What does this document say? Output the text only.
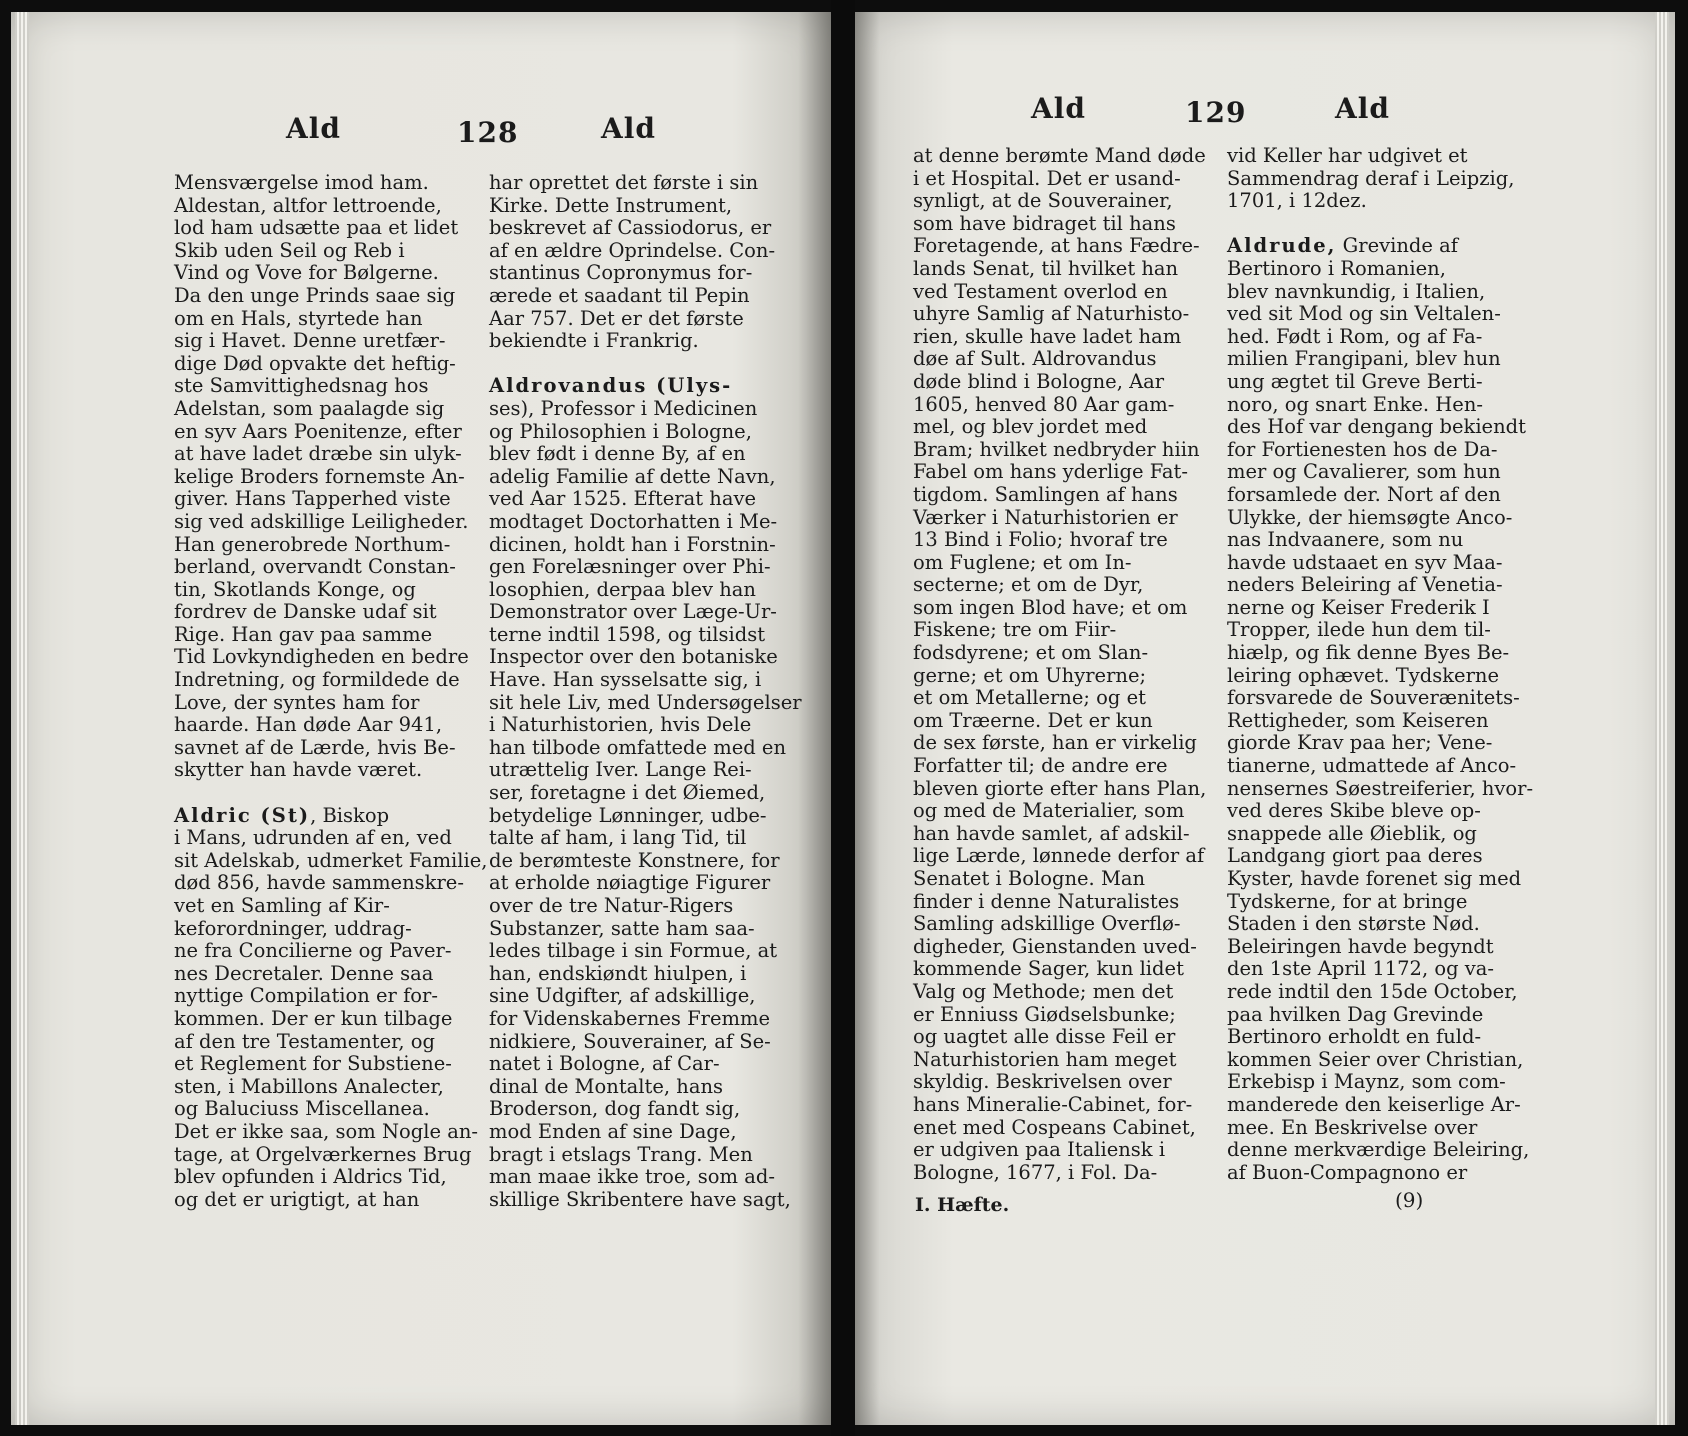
Ald	128	Ald
Mensværgelse imod ham.
Aldestan, altfor lettroende,
lod ham udsætte paa et lidet
Skib uden Seil og Reb i
Vind og Vove for Bølgerne.
Da den unge Prinds saae sig
om en Hals, styrtede han
sig i Havet. Denne uretfær-
dige Død opvakte det heftig-
ste Samvittighedsnag hos
Adelstan, som paalagde sig
en syv Aars Poenitenze, efter
at have ladet dræbe sin ulyk-
kelige Broders fornemste An-
giver. Hans Tapperhed viste
sig ved adskillige Leiligheder.
Han generobrede Northum-
berland, overvandt Constan-
tin, Skotlands Konge, og
fordrev de Danske udaf sit
Rige. Han gav paa samme
Tid Lovkyndigheden en bedre
Indretning, og formildede de
Love, der syntes ham for
haarde. Han døde Aar 941,
savnet af de Lærde, hvis Be-
skytter han havde været.
Aldric (St), Biskop
i Mans, udrunden af en, ved
sit Adelskab, udmerket Familie,
død 856, havde sammenskre-
vet en Samling af Kir-
keforordninger, uddrag-
ne fra Concilierne og Paver-
nes Decretaler. Denne saa
nyttige Compilation er for-
kommen. Der er kun tilbage
af den tre Testamenter, og
et Reglement for Substiene-
sten, i Mabillons Analecter,
og Baluciuss Miscellanea.
Det er ikke saa, som Nogle an-
tage, at Orgelværkernes Brug
blev opfunden i Aldrics Tid,
og det er urigtigt, at han
har oprettet det første i sin
Kirke. Dette Instrument,
beskrevet af Cassiodorus, er
af en ældre Oprindelse. Con-
stantinus Copronymus for-
ærede et saadant til Pepin
Aar 757. Det er det første
bekiendte i Frankrig.
Aldrovandus (Ulys-
ses), Professor i Medicinen
og Philosophien i Bologne,
blev født i denne By, af en
adelig Familie af dette Navn,
ved Aar 1525. Efterat have
modtaget Doctorhatten i Me-
dicinen, holdt han i Forstnin-
gen Forelæsninger over Phi-
losophien, derpaa blev han
Demonstrator over Læge-Ur-
terne indtil 1598, og tilsidst
Inspector over den botaniske
Have. Han sysselsatte sig, i
sit hele Liv, med Undersøgelser
i Naturhistorien, hvis Dele
han tilbode omfattede med en
utrættelig Iver. Lange Rei-
ser, foretagne i det Øiemed,
betydelige Lønninger, udbe-
talte af ham, i lang Tid, til
de berømteste Konstnere, for
at erholde nøiagtige Figurer
over de tre Natur-Rigers
Substanzer, satte ham saa-
ledes tilbage i sin Formue, at
han, endskiøndt hiulpen, i
sine Udgifter, af adskillige,
for Videnskabernes Fremme
nidkiere, Souverainer, af Se-
natet i Bologne, af Car-
dinal de Montalte, hans
Broderson, dog fandt sig,
mod Enden af sine Dage,
bragt i etslags Trang. Men
man maae ikke troe, som ad-
skillige Skribentere have sagt,
Ald	129	Ald
at denne berømte Mand døde
i et Hospital. Det er usand-
synligt, at de Souverainer,
som have bidraget til hans
Foretagende, at hans Fædre-
lands Senat, til hvilket han
ved Testament overlod en
uhyre Samlig af Naturhisto-
rien, skulle have ladet ham
døe af Sult. Aldrovandus
døde blind i Bologne, Aar
1605, henved 80 Aar gam-
mel, og blev jordet med
Bram; hvilket nedbryder hiin
Fabel om hans yderlige Fat-
tigdom. Samlingen af hans
Værker i Naturhistorien er
13 Bind i Folio; hvoraf tre
om Fuglene; et om In-
secterne; et om de Dyr,
som ingen Blod have; et om
Fiskene; tre om Fiir-
fodsdyrene; et om Slan-
gerne; et om Uhyrerne;
et om Metallerne; og et
om Træerne. Det er kun
de sex første, han er virkelig
Forfatter til; de andre ere
bleven giorte efter hans Plan,
og med de Materialier, som
han havde samlet, af adskil-
lige Lærde, lønnede derfor af
Senatet i Bologne. Man
finder i denne Naturalistes
Samling adskillige Overflø-
digheder, Gienstanden uved-
kommende Sager, kun lidet
Valg og Methode; men det
er Enniuss Giødselsbunke;
og uagtet alle disse Feil er
Naturhistorien ham meget
skyldig. Beskrivelsen over
hans Mineralie-Cabinet, for-
enet med Cospeans Cabinet,
er udgiven paa Italiensk i
Bologne, 1677, i Fol. Da-
vid Keller har udgivet et
Sammendrag deraf i Leipzig,
1701, i 12dez.
Aldrude, Grevinde af
Bertinoro i Romanien,
blev navnkundig, i Italien,
ved sit Mod og sin Veltalen-
hed. Født i Rom, og af Fa-
milien Frangipani, blev hun
ung ægtet til Greve Berti-
noro, og snart Enke. Hen-
des Hof var dengang bekiendt
for Fortienesten hos de Da-
mer og Cavalierer, som hun
forsamlede der. Nort af den
Ulykke, der hiemsøgte Anco-
nas Indvaanere, som nu
havde udstaaet en syv Maa-
neders Beleiring af Venetia-
nerne og Keiser Frederik I
Tropper, ilede hun dem til-
hiælp, og fik denne Byes Be-
leiring ophævet. Tydskerne
forsvarede de Souverænitets-
Rettigheder, som Keiseren
giorde Krav paa her; Vene-
tianerne, udmattede af Anco-
nensernes Søestreiferier, hvor-
ved deres Skibe bleve op-
snappede alle Øieblik, og
Landgang giort paa deres
Kyster, havde forenet sig med
Tydskerne, for at bringe
Staden i den største Nød.
Beleiringen havde begyndt
den 1ste April 1172, og va-
rede indtil den 15de October,
paa hvilken Dag Grevinde
Bertinoro erholdt en fuld-
kommen Seier over Christian,
Erkebisp i Maynz, som com-
manderede den keiserlige Ar-
mee. En Beskrivelse over
denne merkværdige Beleiring,
af Buon-Compagnono er
I. Hæfte.	(9)
